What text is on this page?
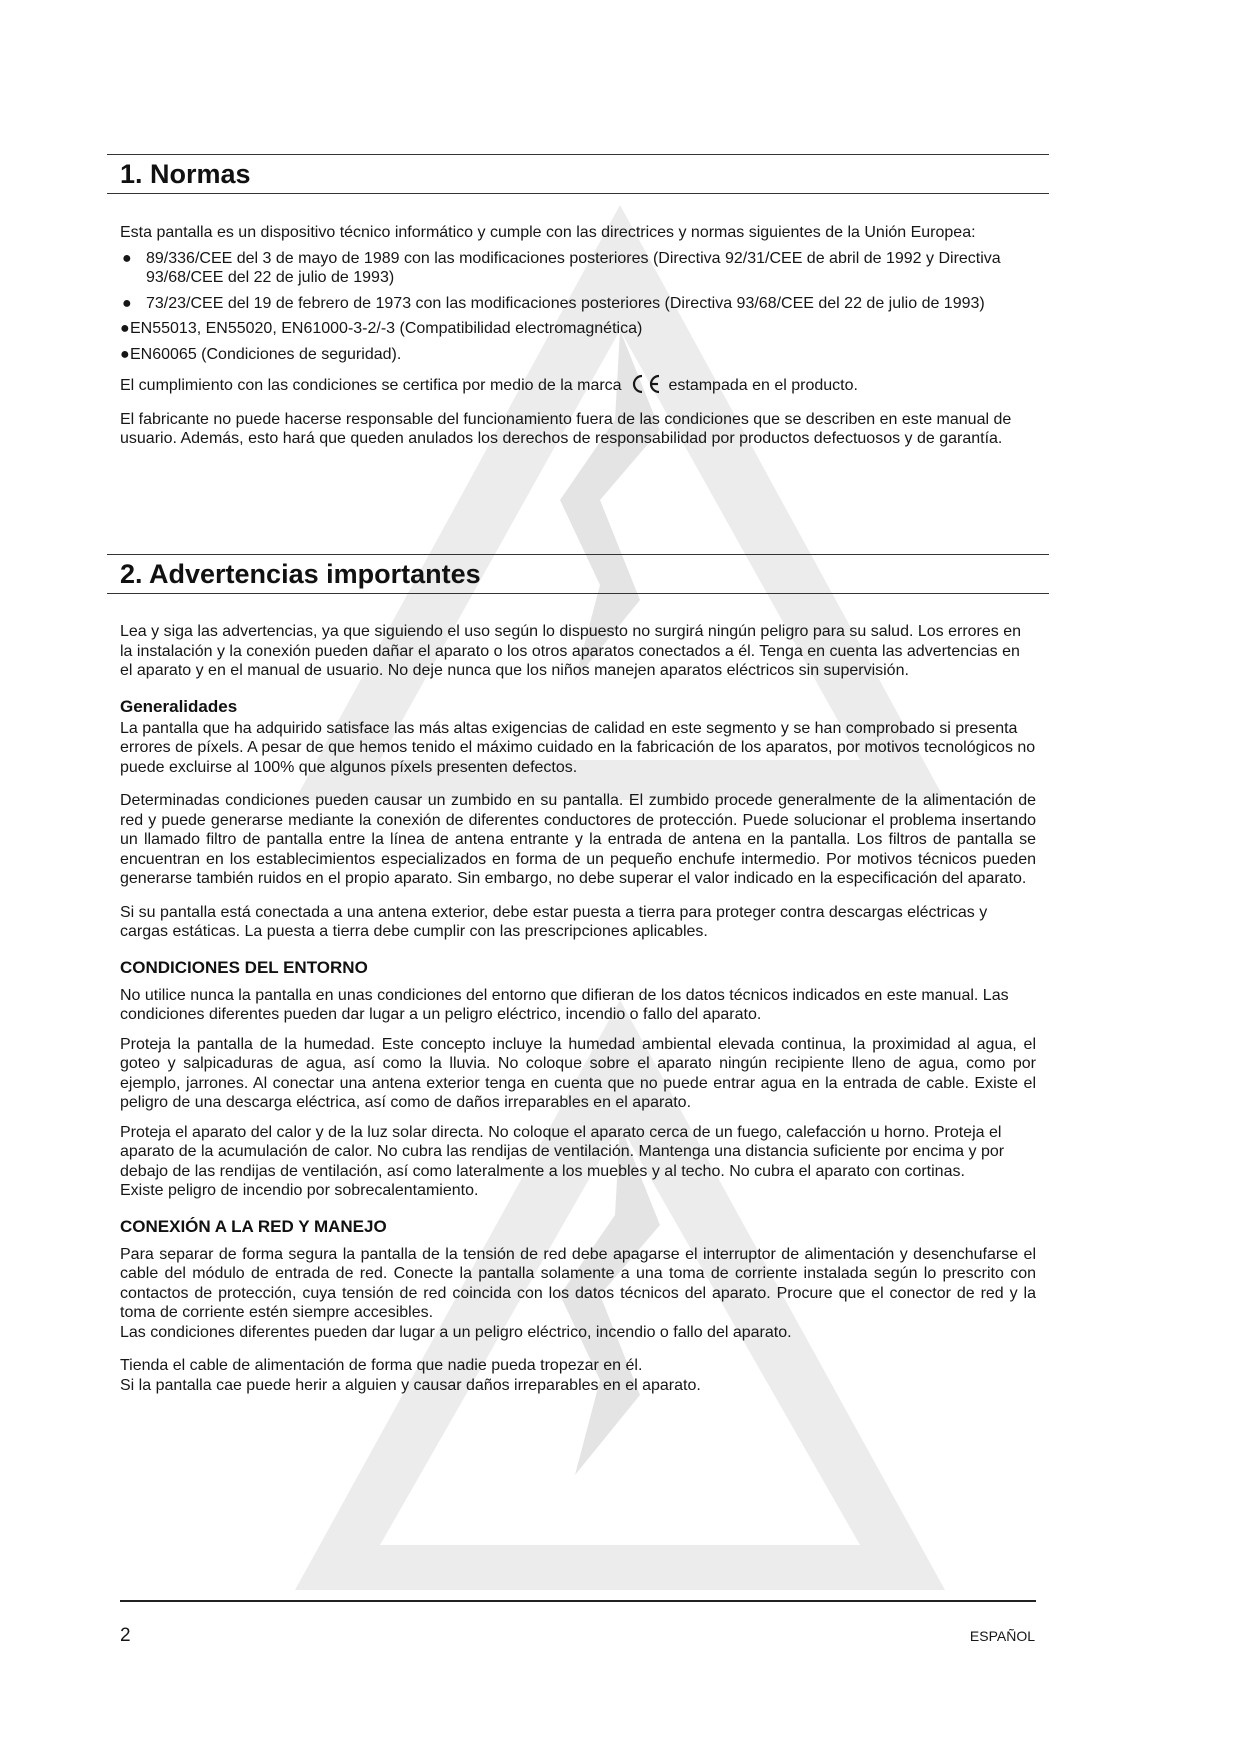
1. Normas

Esta pantalla es un dispositivo técnico informático y cumple con las directrices y normas siguientes de la Unión Europea:

● 89/336/CEE del 3 de mayo de 1989 con las modificaciones posteriores (Directiva 92/31/CEE de abril de 1992 y Directiva 93/68/CEE del 22 de julio de 1993)
● 73/23/CEE del 19 de febrero de 1973 con las modificaciones posteriores (Directiva 93/68/CEE del 22 de julio de 1993)
● EN55013, EN55020, EN61000-3-2/-3 (Compatibilidad electromagnética)
● EN60065 (Condiciones de seguridad).

El cumplimiento con las condiciones se certifica por medio de la marca	estampada en el producto.

El fabricante no puede hacerse responsable del funcionamiento fuera de las condiciones que se describen en este manual de usuario. Además, esto hará que queden anulados los derechos de responsabilidad por productos defectuosos y de garantía.

2. Advertencias importantes

Lea y siga las advertencias, ya que siguiendo el uso según lo dispuesto no surgirá ningún peligro para su salud. Los errores en la instalación y la conexión pueden dañar el aparato o los otros aparatos conectados a él. Tenga en cuenta las advertencias en el aparato y en el manual de usuario. No deje nunca que los niños manejen aparatos eléctricos sin supervisión.

Generalidades

La pantalla que ha adquirido satisface las más altas exigencias de calidad en este segmento y se han comprobado si presenta errores de píxels. A pesar de que hemos tenido el máximo cuidado en la fabricación de los aparatos, por motivos tecnológicos no puede excluirse al 100% que algunos píxels presenten defectos.

Determinadas condiciones pueden causar un zumbido en su pantalla. El zumbido procede generalmente de la alimentación de red y puede generarse mediante la conexión de diferentes conductores de protección. Puede solucionar el problema insertando un llamado filtro de pantalla entre la línea de antena entrante y la entrada de antena en la pantalla. Los filtros de pantalla se encuentran en los establecimientos especializados en forma de un pequeño enchufe intermedio. Por motivos técnicos pueden generarse también ruidos en el propio aparato. Sin embargo, no debe superar el valor indicado en la especificación del aparato.

Si su pantalla está conectada a una antena exterior, debe estar puesta a tierra para proteger contra descargas eléctricas y cargas estáticas. La puesta a tierra debe cumplir con las prescripciones aplicables.

CONDICIONES DEL ENTORNO

No utilice nunca la pantalla en unas condiciones del entorno que difieran de los datos técnicos indicados en este manual. Las condiciones diferentes pueden dar lugar a un peligro eléctrico, incendio o fallo del aparato.

Proteja la pantalla de la humedad. Este concepto incluye la humedad ambiental elevada continua, la proximidad al agua, el goteo y salpicaduras de agua, así como la lluvia. No coloque sobre el aparato ningún recipiente lleno de agua, como por ejemplo, jarrones. Al conectar una antena exterior tenga en cuenta que no puede entrar agua en la entrada de cable. Existe el peligro de una descarga eléctrica, así como de daños irreparables en el aparato.

Proteja el aparato del calor y de la luz solar directa. No coloque el aparato cerca de un fuego, calefacción u horno. Proteja el aparato de la acumulación de calor. No cubra las rendijas de ventilación. Mantenga una distancia suficiente por encima y por debajo de las rendijas de ventilación, así como lateralmente a los muebles y al techo. No cubra el aparato con cortinas.

Existe peligro de incendio por sobrecalentamiento.

CONEXIÓN A LA RED Y MANEJO

Para separar de forma segura la pantalla de la tensión de red debe apagarse el interruptor de alimentación y desenchufarse el cable del módulo de entrada de red. Conecte la pantalla solamente a una toma de corriente instalada según lo prescrito con contactos de protección, cuya tensión de red coincida con los datos técnicos del aparato. Procure que el conector de red y la toma de corriente estén siempre accesibles.

Las condiciones diferentes pueden dar lugar a un peligro eléctrico, incendio o fallo del aparato.

Tienda el cable de alimentación de forma que nadie pueda tropezar en él.

Si la pantalla cae puede herir a alguien y causar daños irreparables en el aparato.

2	ESPAÑOL
